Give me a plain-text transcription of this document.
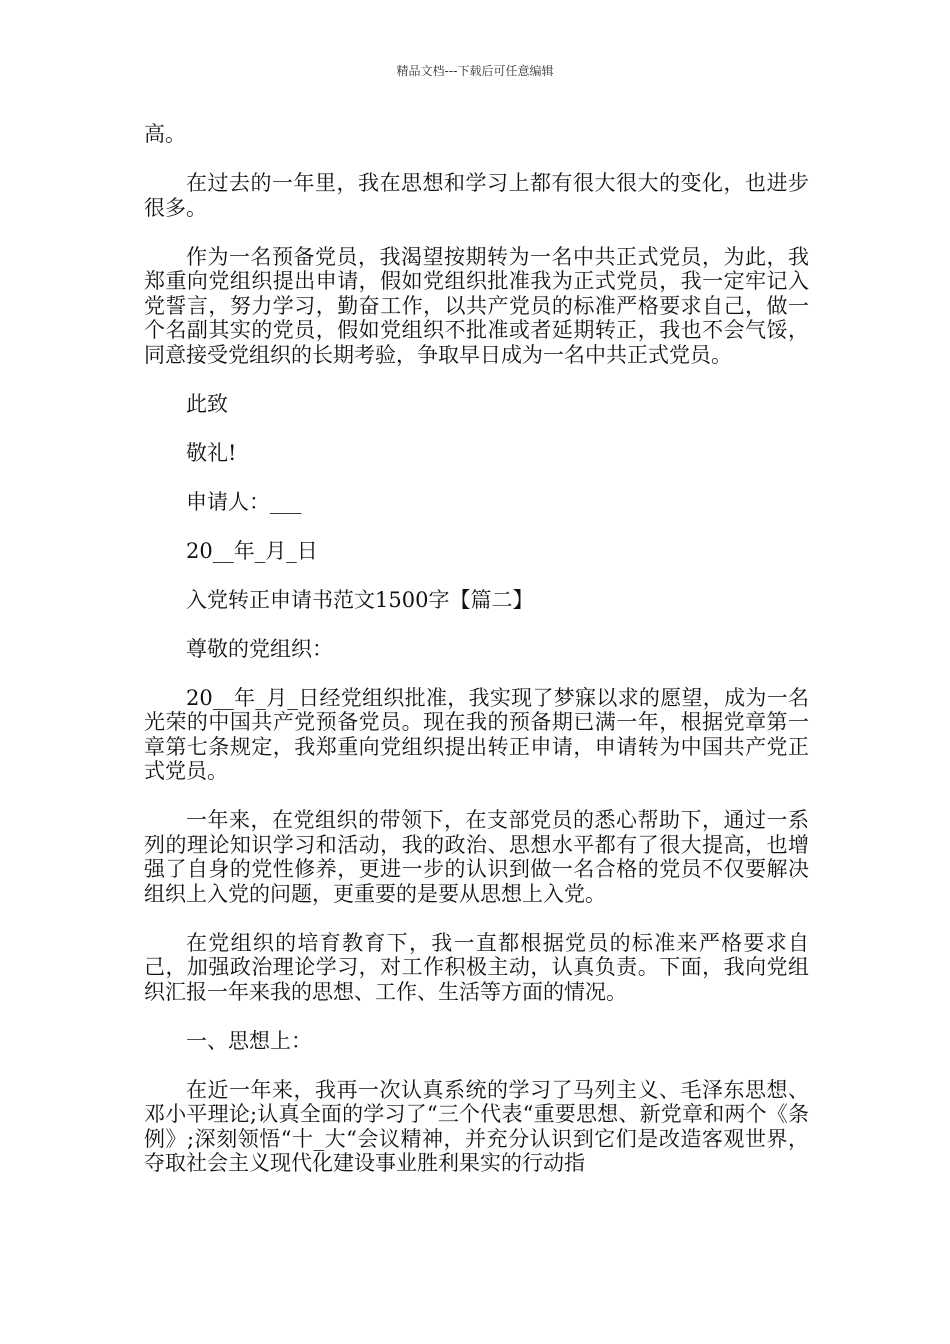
精品文档---下载后可任意编辑

高。

在过去的一年里，我在思想和学习上都有很大很大的变化，也进步很多。

作为一名预备党员，我渴望按期转为一名中共正式党员，为此，我郑重向党组织提出申请，假如党组织批准我为正式党员，我一定牢记入党誓言，努力学习，勤奋工作，以共产党员的标准严格要求自己，做一个名副其实的党员，假如党组织不批准或者延期转正，我也不会气馁，同意接受党组织的长期考验，争取早日成为一名中共正式党员。

此致

敬礼!

申请人：___

20__年_月_日

入党转正申请书范文1500字【篇二】

尊敬的党组织：

20__年_月_日经党组织批准，我实现了梦寐以求的愿望，成为一名光荣的中国共产党预备党员。现在我的预备期已满一年，根据党章第一章第七条规定，我郑重向党组织提出转正申请，申请转为中国共产党正式党员。

一年来，在党组织的带领下，在支部党员的悉心帮助下，通过一系列的理论知识学习和活动，我的政治、思想水平都有了很大提高，也增强了自身的党性修养，更进一步的认识到做一名合格的党员不仅要解决组织上入党的问题，更重要的是要从思想上入党。

在党组织的培育教育下，我一直都根据党员的标准来严格要求自己，加强政治理论学习，对工作积极主动，认真负责。下面，我向党组织汇报一年来我的思想、工作、生活等方面的情况。

一、思想上：

在近一年来，我再一次认真系统的学习了马列主义、毛泽东思想、邓小平理论;认真全面的学习了“三个代表“重要思想、新党章和两个《条例》;深刻领悟“十_大“会议精神，并充分认识到它们是改造客观世界，夺取社会主义现代化建设事业胜利果实的行动指
